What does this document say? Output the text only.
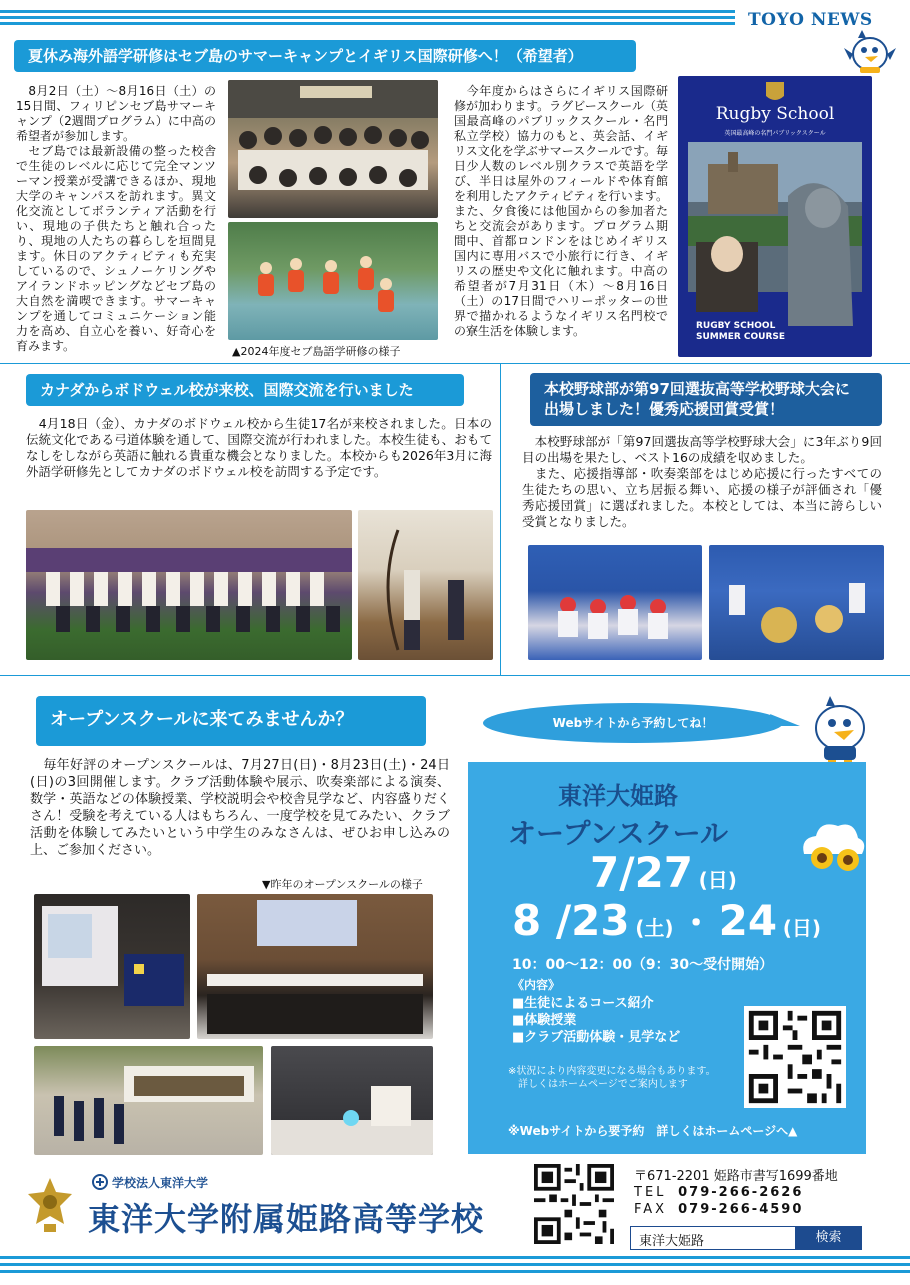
TOYO NEWS
夏休み海外語学研修はセブ島のサマーキャンプとイギリス国際研修へ！（希望者）
　8月2日（土）～8月16日（土）の15日間、フィリピンセブ島サマーキャンプ（2週間プログラム）に中高の希望者が参加します。
　セブ島では最新設備の整った校舎で生徒のレベルに応じて完全マンツーマン授業が受講できるほか、現地大学のキャンパスを訪れます。異文化交流としてボランティア活動を行い、現地の子供たちと触れ合ったり、現地の人たちの暮らしを垣間見ます。休日のアクティビティも充実しているので、シュノーケリングやアイランドホッピングなどセブ島の大自然を満喫できます。サマーキャンプを通してコミュニケーション能力を高め、自立心を養い、好奇心を育みます。	▲2024年度セブ島語学研修の様子
　今年度からはさらにイギリス国際研修が加わります。ラグビースクール（英国最高峰のパブリックスクール・名門私立学校）協力のもと、英会話、イギリス文化を学ぶサマースクールです。毎日少人数のレベル別クラスで英語を学び、半日は屋外のフィールドや体育館を利用したアクティビティを行います。また、夕食後には他国からの参加者たちと交流会があります。プログラム期間中、首都ロンドンをはじめイギリス国内に専用バスで小旅行に行き、イギリスの歴史や文化に触れます。中高の希望者が7月31日（木）～8月16日（土）の17日間でハリーポッターの世界で描かれるようなイギリス名門校での寮生活を体験します。
Rugby School
英国最高峰の名門パブリックスクール
RUGBY SCHOOL
SUMMER COURSE
カナダからボドウェル校が来校、国際交流を行いました
　4月18日（金）、カナダのボドウェル校から生徒17名が来校されました。日本の伝統文化である弓道体験を通して、国際交流が行われました。本校生徒も、おもてなしをしながら英語に触れる貴重な機会となりました。本校からも2026年3月に海外語学研修先としてカナダのボドウェル校を訪問する予定です。
本校野球部が第97回選抜高等学校野球大会に
出場しました！優秀応援団賞受賞！
　本校野球部が「第97回選抜高等学校野球大会」に3年ぶり9回目の出場を果たし、ベスト16の成績を収めました。
　また、応援指導部・吹奏楽部をはじめ応援に行ったすべての生徒たちの思い、立ち居振る舞い、応援の様子が評価され「優秀応援団賞」に選ばれました。本校としては、本当に誇らしい受賞となりました。
オープンスクールに来てみませんか？
　毎年好評のオープンスクールは、7月27日(日)・8月23日(土)・24日(日)の3回開催します。クラブ活動体験や展示、吹奏楽部による演奏、数学・英語などの体験授業、学校説明会や校舎見学など、内容盛りだくさん！受験を考えている人はもちろん、一度学校を見てみたい、クラブ活動を体験してみたいという中学生のみなさんは、ぜひお申し込みの上、ご参加ください。
▼昨年のオープンスクールの様子
Webサイトから予約してね！
東洋大姫路
オープンスクール
7/27 (日)
8 /23 (土) ・ 24 (日)
10：00～12：00（9：30～受付開始）
《内容》
■生徒によるコース紹介
■体験授業
■クラブ活動体験・見学など
※状況により内容変更になる場合もあります。
　詳しくはホームページでご案内します
※Webサイトから要予約　詳しくはホームページへ▲
学校法人東洋大学
東洋大学附属姫路高等学校
〒671-2201 姫路市書写1699番地
TEL 079-266-2626
FAX 079-266-4590
東洋大姫路	検索
